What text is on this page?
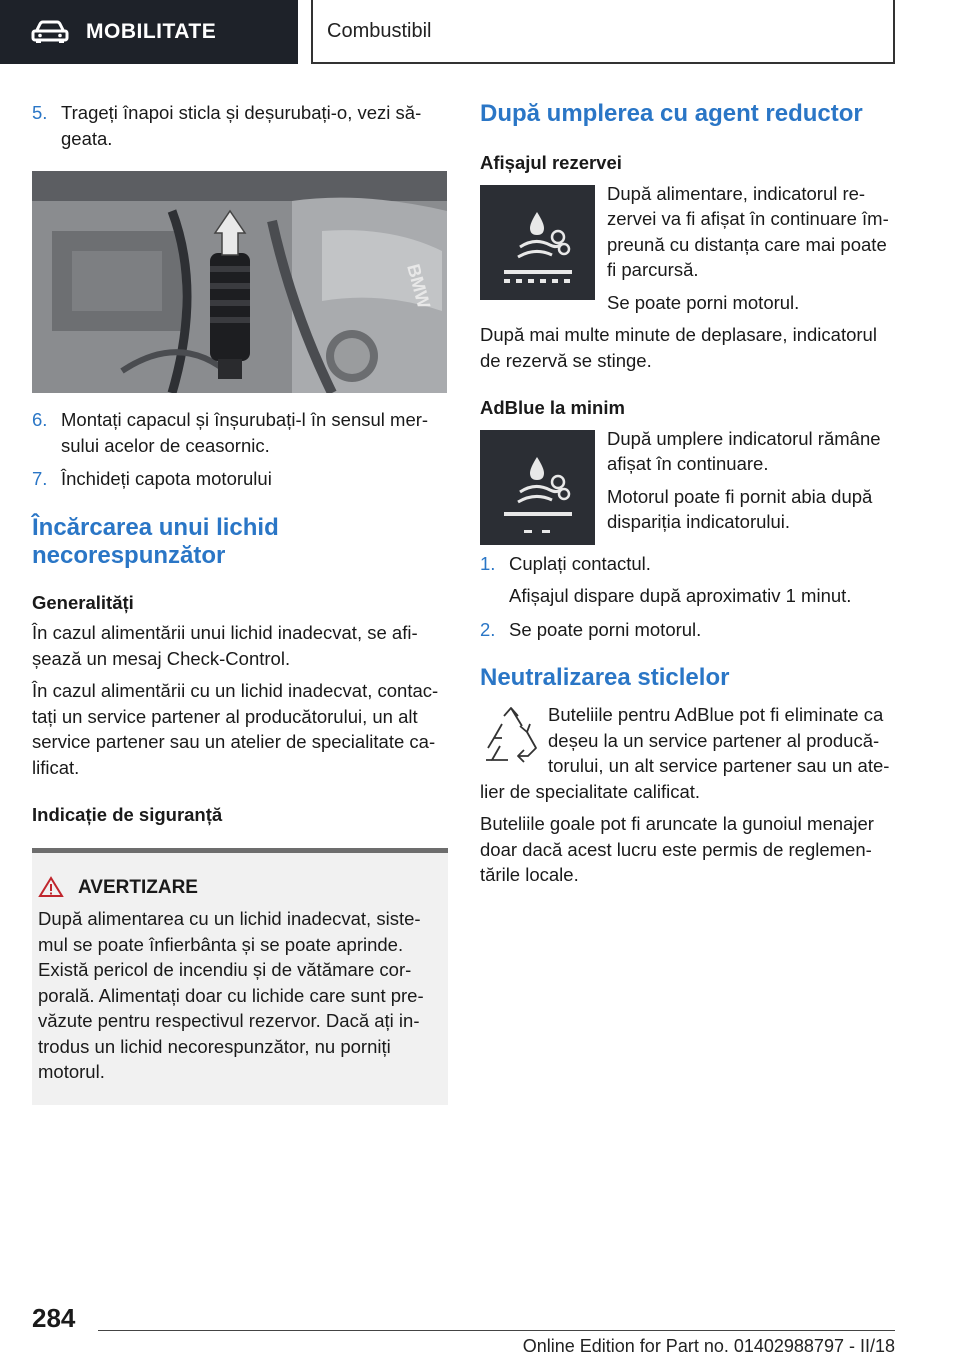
MOBILITATE	Combustibil
5. Trageți înapoi sticla și deșurubați-o, vezi să-geata.
BMW
6. Montați capacul și înșurubați-l în sensul mer-sului acelor de ceasornic.
7. Închideți capota motorului
Încărcarea unui lichid necorespunzător
Generalități

În cazul alimentării unui lichid inadecvat, se afi-șează un mesaj Check-Control.

În cazul alimentării cu un lichid inadecvat, contac-tați un service partener al producătorului, un alt service partener sau un atelier de specialitate ca-lificat.

Indicație de siguranță
AVERTIZARE

După alimentarea cu un lichid inadecvat, siste-mul se poate înfierbânta și se poate aprinde. Există pericol de incendiu și de vătămare cor-porală. Alimentați doar cu lichide care sunt pre-văzute pentru respectivul rezervor. Dacă ați in-trodus un lichid necorespunzător, nu porniți motorul.

După umplerea cu agent reductor
Afișajul rezervei

După alimentare, indicatorul re-zervei va fi afișat în continuare îm-preună cu distanța care mai poate fi parcursă.

Se poate porni motorul.

După mai multe minute de deplasare, indicatorul de rezervă se stinge.

AdBlue la minim

După umplere indicatorul rămâne afișat în continuare.

Motorul poate fi pornit abia după dispariția indicatorului.

1. Cuplați contactul.

Afișajul dispare după aproximativ 1 minut.

2. Se poate porni motorul.
Neutralizarea sticlelor

Buteliile pentru AdBlue pot fi eliminate ca deșeu la un service partener al producă-torului, un alt service partener sau un ate-lier de specialitate calificat.

Buteliile goale pot fi aruncate la gunoiul menajer doar dacă acest lucru este permis de reglemen-tările locale.

284
Online Edition for Part no. 01402988797 - II/18
